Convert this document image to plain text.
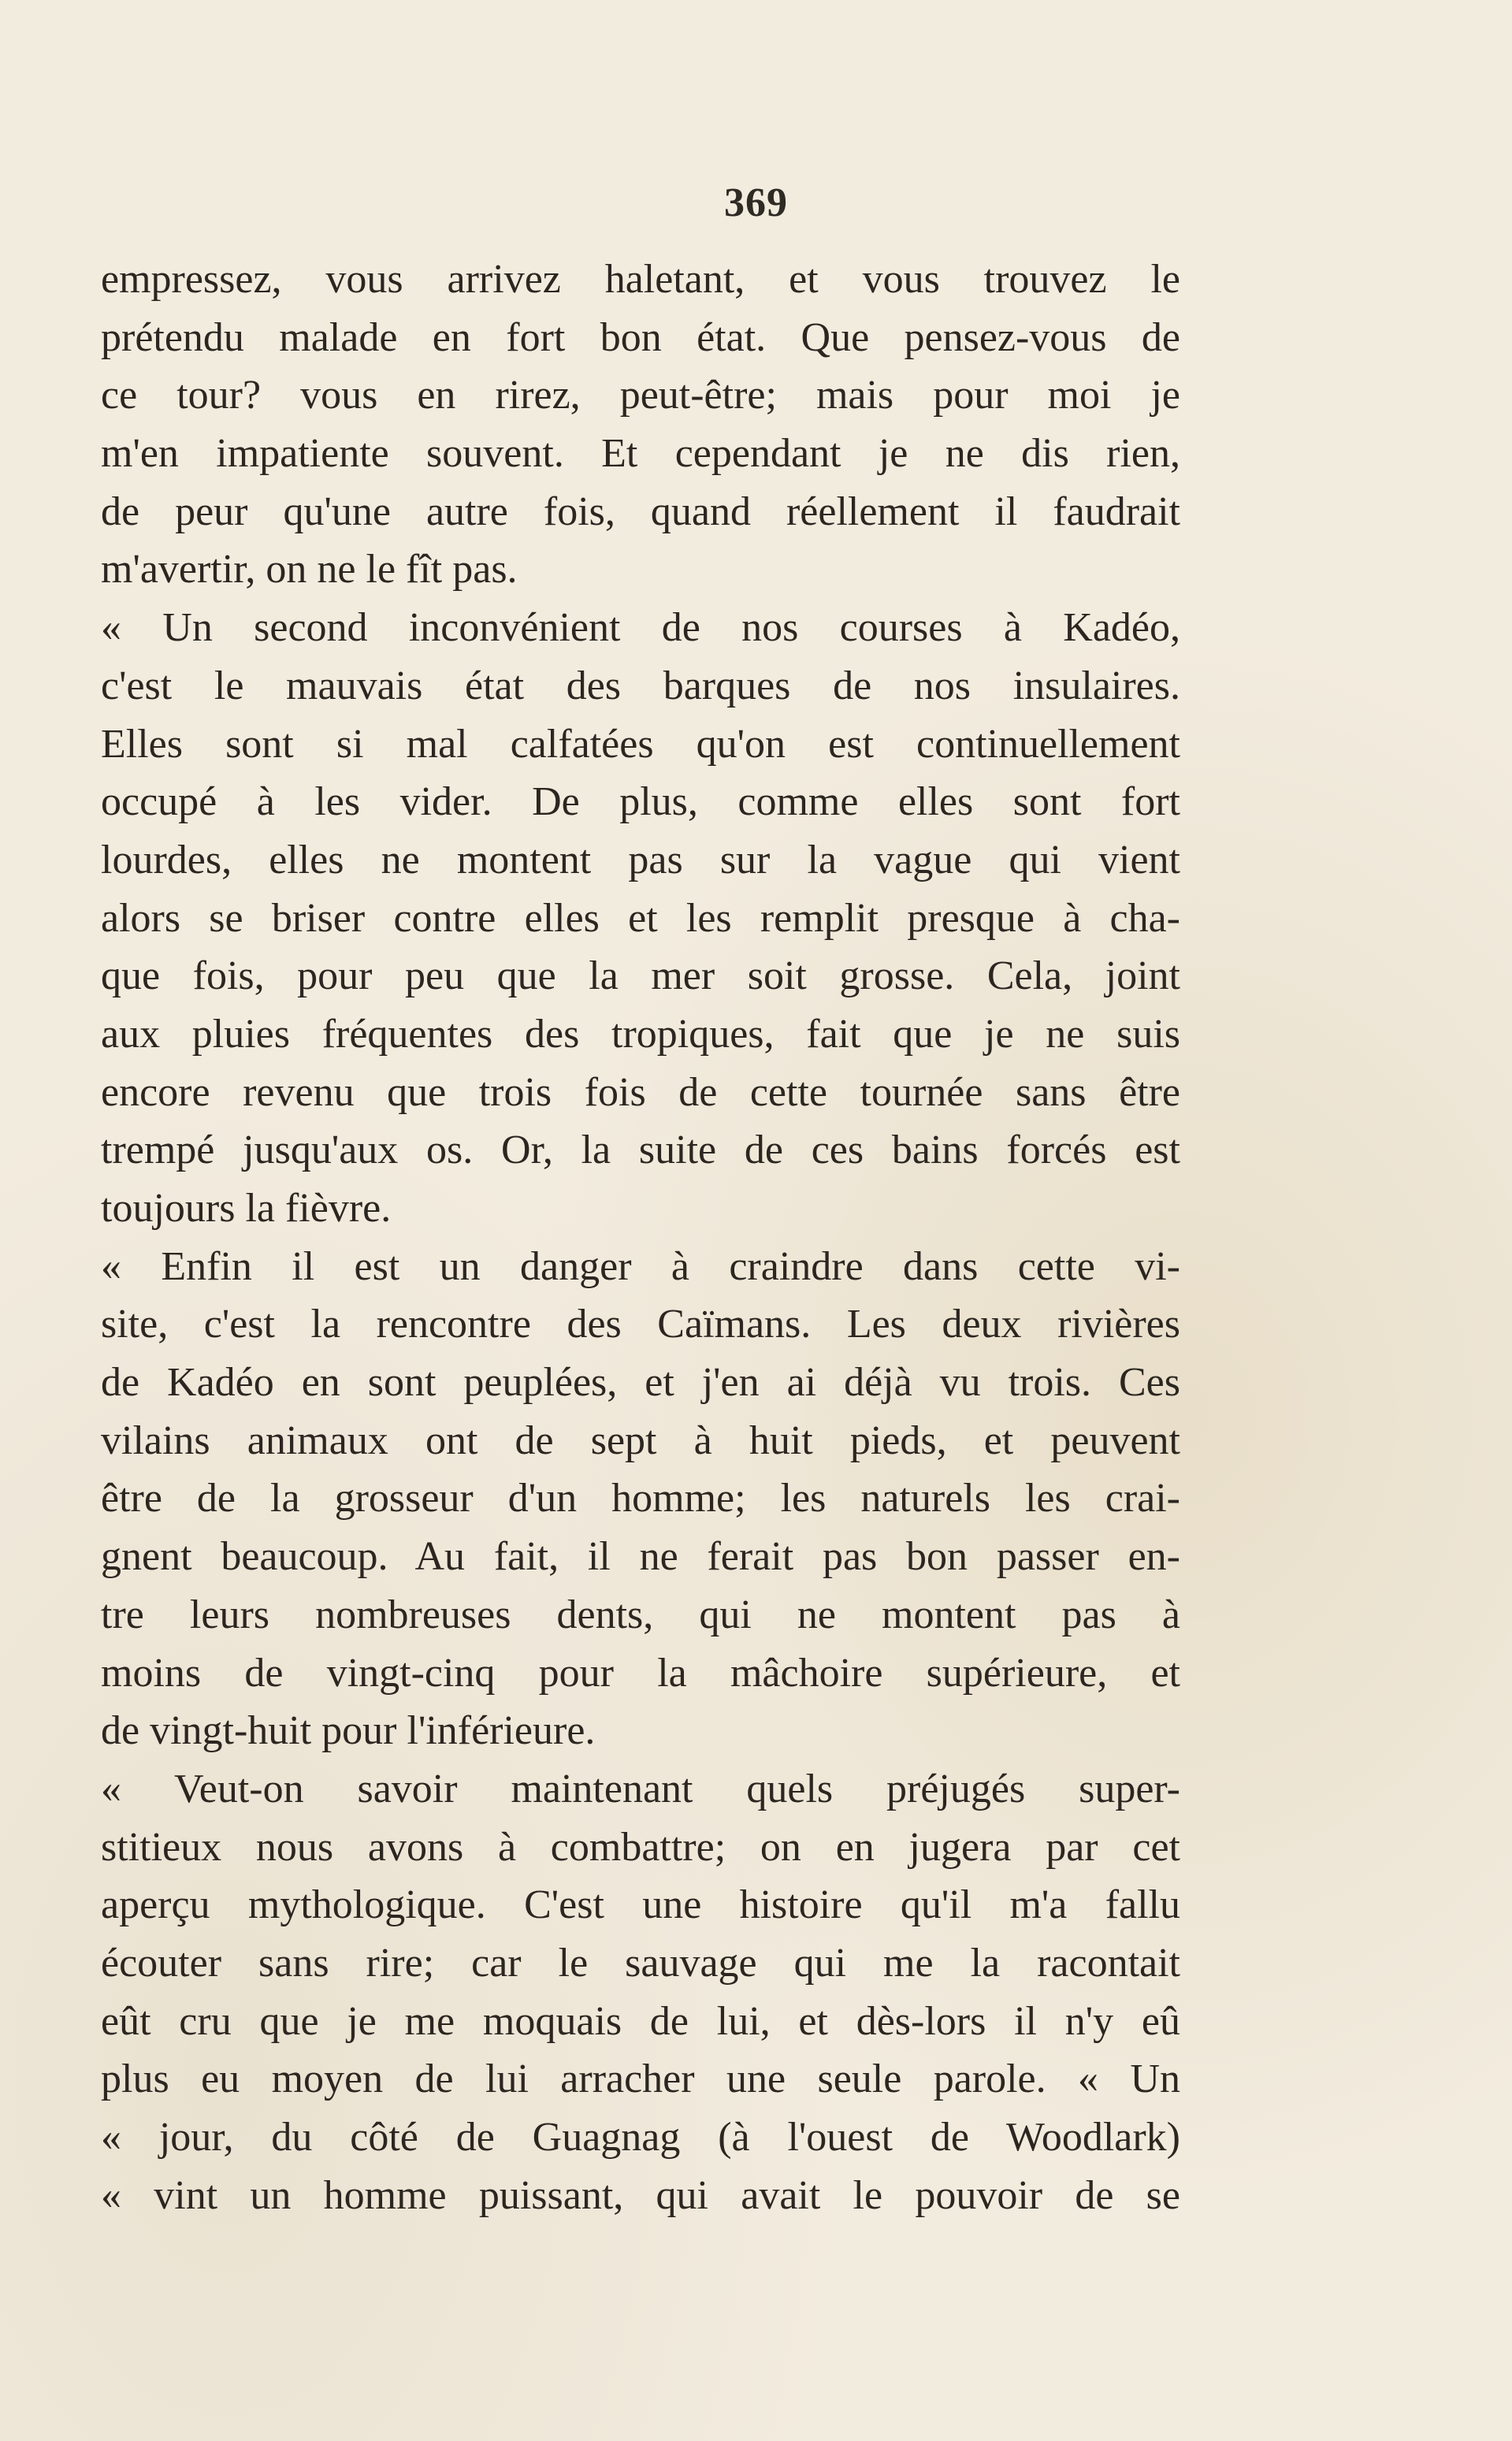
369
empressez, vous arrivez haletant, et vous trouvez le
prétendu malade en fort bon état. Que pensez-vous de
ce tour? vous en rirez, peut-être; mais pour moi je
m'en impatiente souvent. Et cependant je ne dis rien,
de peur qu'une autre fois, quand réellement il faudrait
m'avertir, on ne le fît pas.
« Un second inconvénient de nos courses à Kadéo,
c'est le mauvais état des barques de nos insulaires.
Elles sont si mal calfatées qu'on est continuellement
occupé à les vider. De plus, comme elles sont fort
lourdes, elles ne montent pas sur la vague qui vient
alors se briser contre elles et les remplit presque à cha-
que fois, pour peu que la mer soit grosse. Cela, joint
aux pluies fréquentes des tropiques, fait que je ne suis
encore revenu que trois fois de cette tournée sans être
trempé jusqu'aux os. Or, la suite de ces bains forcés est
toujours la fièvre.
« Enfin il est un danger à craindre dans cette vi-
site, c'est la rencontre des Caïmans. Les deux rivières
de Kadéo en sont peuplées, et j'en ai déjà vu trois. Ces
vilains animaux ont de sept à huit pieds, et peuvent
être de la grosseur d'un homme; les naturels les crai-
gnent beaucoup. Au fait, il ne ferait pas bon passer en-
tre leurs nombreuses dents, qui ne montent pas à
moins de vingt-cinq pour la mâchoire supérieure, et
de vingt-huit pour l'inférieure.
« Veut-on savoir maintenant quels préjugés super-
stitieux nous avons à combattre; on en jugera par cet
aperçu mythologique. C'est une histoire qu'il m'a fallu
écouter sans rire; car le sauvage qui me la racontait
eût cru que je me moquais de lui, et dès-lors il n'y eû
plus eu moyen de lui arracher une seule parole. « Un
« jour, du côté de Guagnag (à l'ouest de Woodlark)
« vint un homme puissant, qui avait le pouvoir de se
